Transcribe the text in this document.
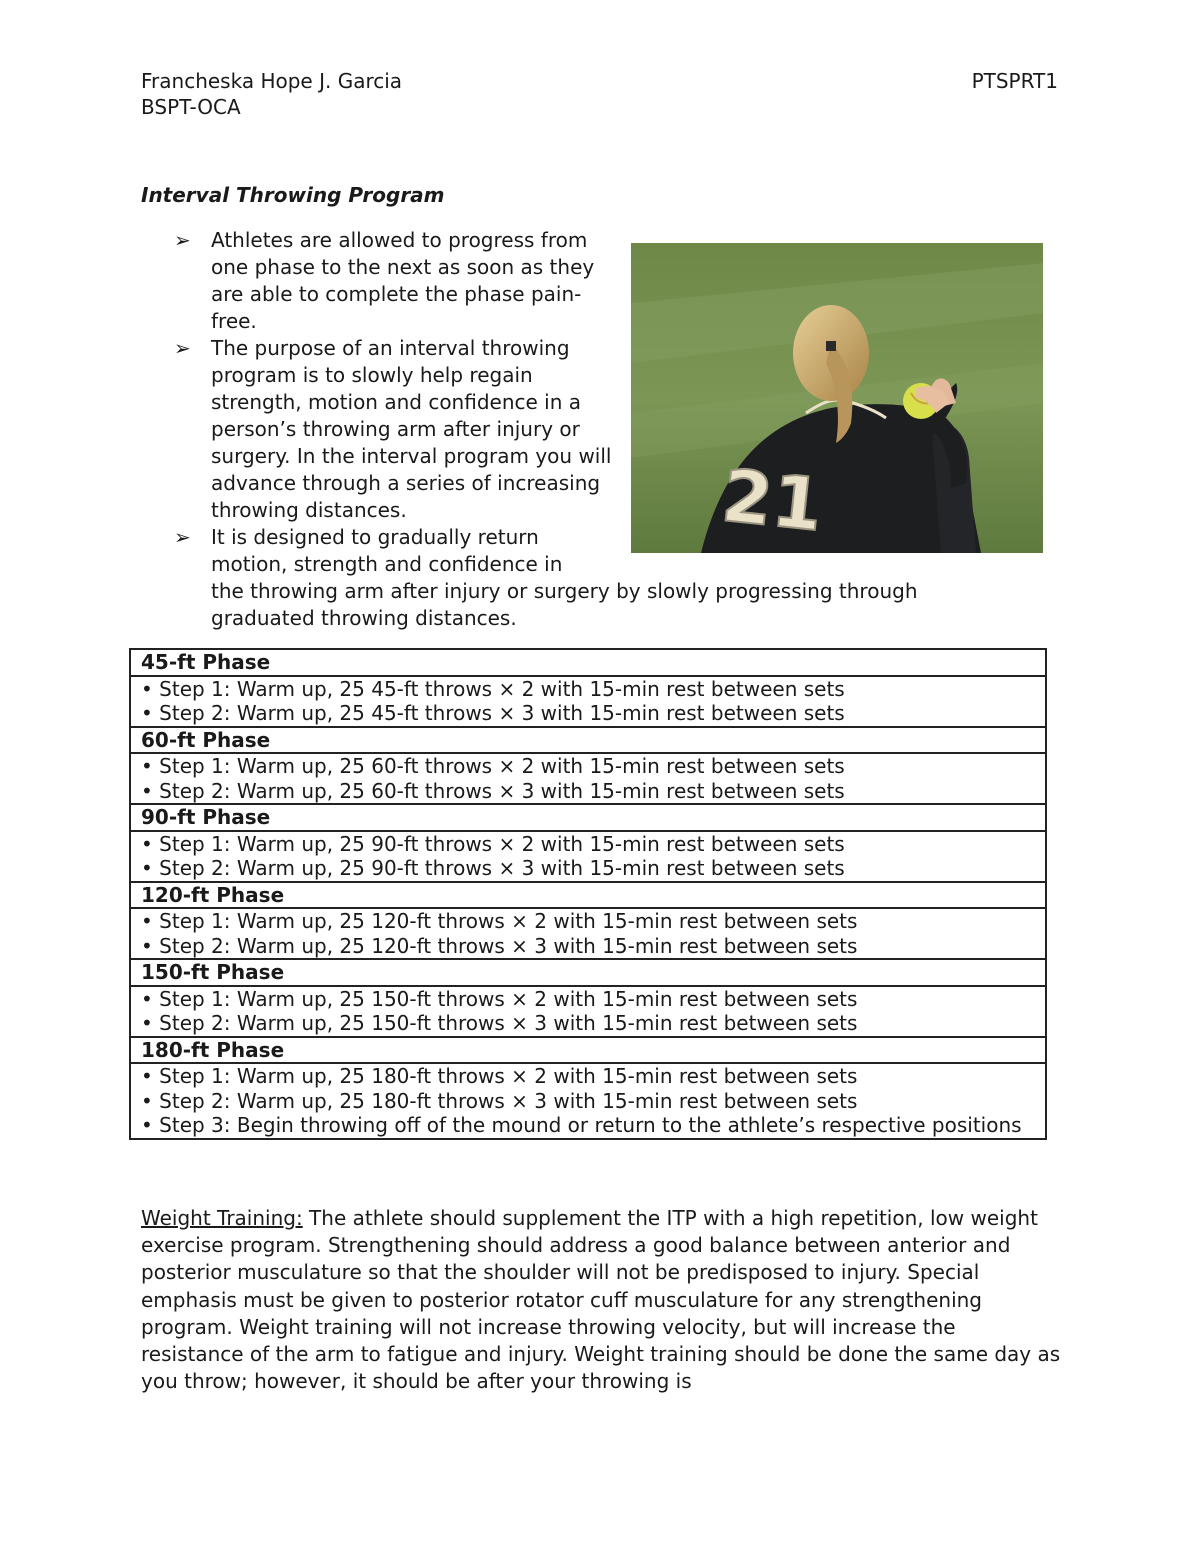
Francheska Hope J. Garcia
BSPT-OCA
PTSPRT1
Interval Throwing Program
➢ Athletes are allowed to progress from one phase to the next as soon as they are able to complete the phase pain-free.
➢ The purpose of an interval throwing program is to slowly help regain strength, motion and confidence in a person’s throwing arm after injury or surgery. In the interval program you will advance through a series of increasing throwing distances.
➢ It is designed to gradually return motion, strength and confidence in
the throwing arm after injury or surgery by slowly progressing through graduated throwing distances.
21
45-ft Phase

• Step 1: Warm up, 25 45-ft throws × 2 with 15-min rest between sets
• Step 2: Warm up, 25 45-ft throws × 3 with 15-min rest between sets

60-ft Phase

• Step 1: Warm up, 25 60-ft throws × 2 with 15-min rest between sets
• Step 2: Warm up, 25 60-ft throws × 3 with 15-min rest between sets

90-ft Phase

• Step 1: Warm up, 25 90-ft throws × 2 with 15-min rest between sets
• Step 2: Warm up, 25 90-ft throws × 3 with 15-min rest between sets

120-ft Phase

• Step 1: Warm up, 25 120-ft throws × 2 with 15-min rest between sets
• Step 2: Warm up, 25 120-ft throws × 3 with 15-min rest between sets

150-ft Phase

• Step 1: Warm up, 25 150-ft throws × 2 with 15-min rest between sets
• Step 2: Warm up, 25 150-ft throws × 3 with 15-min rest between sets

180-ft Phase

• Step 1: Warm up, 25 180-ft throws × 2 with 15-min rest between sets
• Step 2: Warm up, 25 180-ft throws × 3 with 15-min rest between sets
• Step 3: Begin throwing off of the mound or return to the athlete’s respective positions
Weight Training: The athlete should supplement the ITP with a high repetition, low weight exercise program. Strengthening should address a good balance between anterior and posterior musculature so that the shoulder will not be predisposed to injury. Special emphasis must be given to posterior rotator cuff musculature for any strengthening program. Weight training will not increase throwing velocity, but will increase the resistance of the arm to fatigue and injury. Weight training should be done the same day as you throw; however, it should be after your throwing is
